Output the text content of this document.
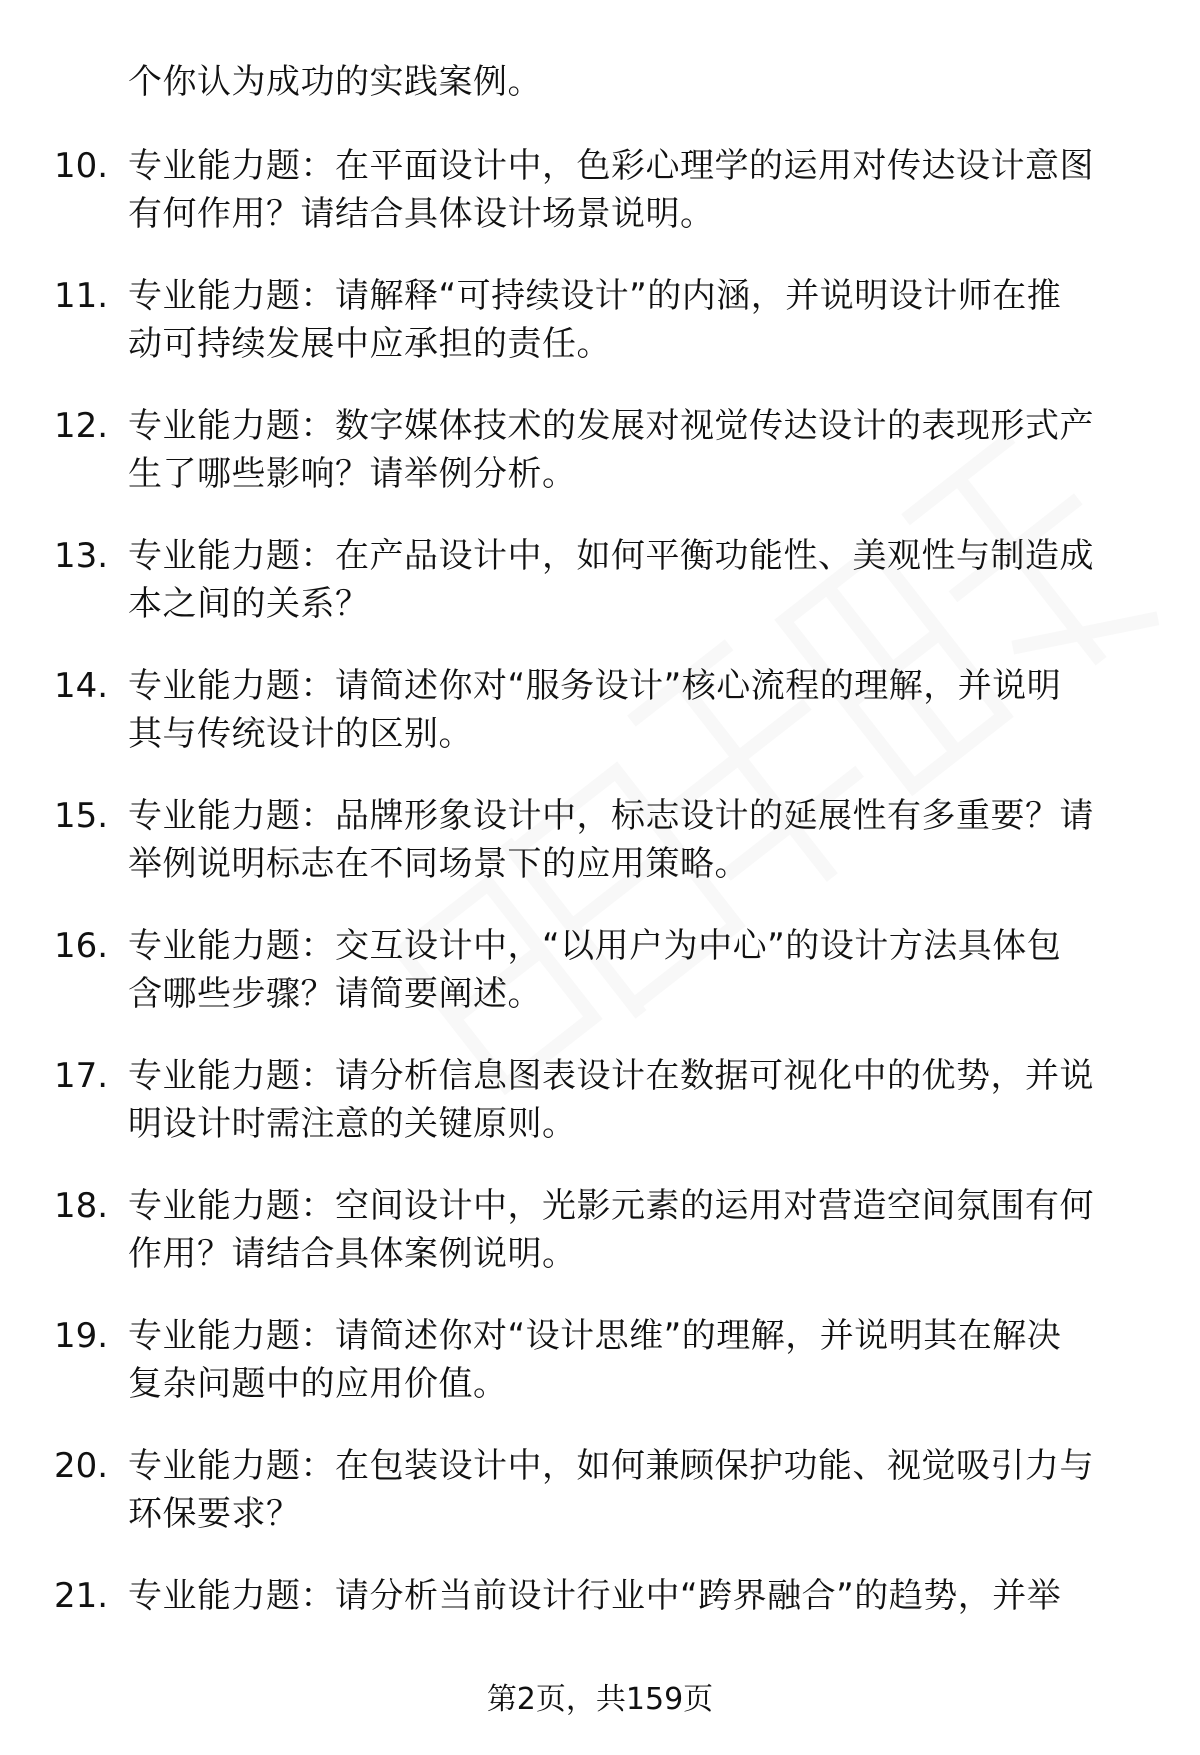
个你认为成功的实践案例。
10. 专业能力题：在平面设计中，色彩心理学的运用对传达设计意图
有何作用？请结合具体设计场景说明。
11. 专业能力题：请解释“可持续设计”的内涵，并说明设计师在推
动可持续发展中应承担的责任。
12. 专业能力题：数字媒体技术的发展对视觉传达设计的表现形式产
生了哪些影响？请举例分析。
13. 专业能力题：在产品设计中，如何平衡功能性、美观性与制造成
本之间的关系？
14. 专业能力题：请简述你对“服务设计”核心流程的理解，并说明
其与传统设计的区别。
15. 专业能力题：品牌形象设计中，标志设计的延展性有多重要？请
举例说明标志在不同场景下的应用策略。
16. 专业能力题：交互设计中，“以用户为中心”的设计方法具体包
含哪些步骤？请简要阐述。
17. 专业能力题：请分析信息图表设计在数据可视化中的优势，并说
明设计时需注意的关键原则。
18. 专业能力题：空间设计中，光影元素的运用对营造空间氛围有何
作用？请结合具体案例说明。
19. 专业能力题：请简述你对“设计思维”的理解，并说明其在解决
复杂问题中的应用价值。
20. 专业能力题：在包装设计中，如何兼顾保护功能、视觉吸引力与
环保要求？
21. 专业能力题：请分析当前设计行业中“跨界融合”的趋势，并举
第2页，共159页
